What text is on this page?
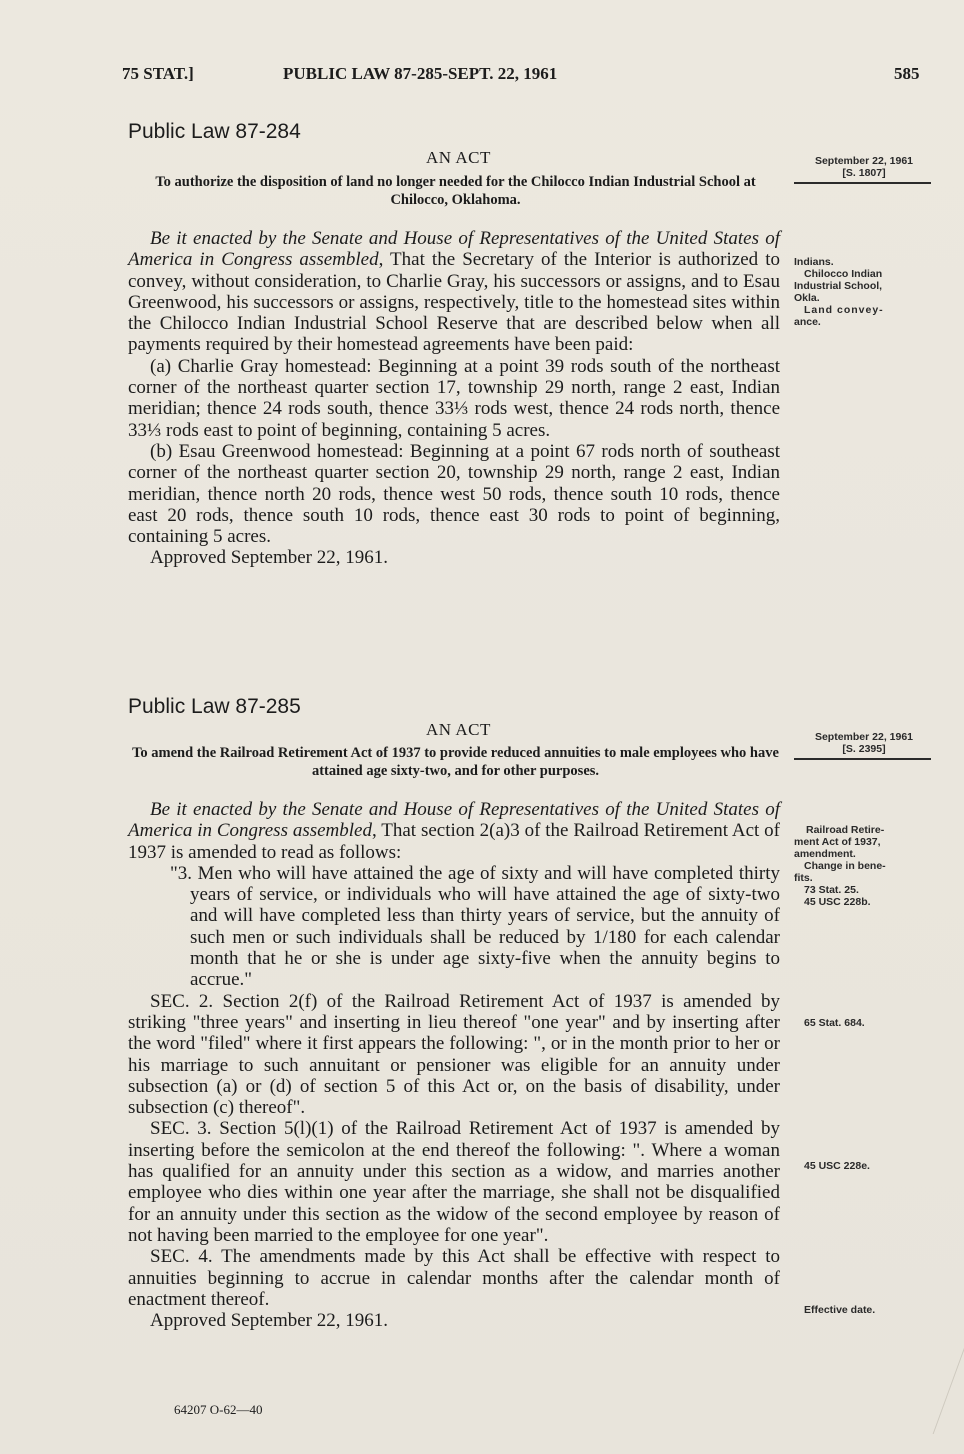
75 STAT.]	PUBLIC LAW 87-285-SEPT. 22, 1961	585
Public Law 87-284
AN ACT
To authorize the disposition of land no longer needed for the Chilocco Indian Industrial School at Chilocco, Oklahoma.
September 22, 1961
[S. 1807]

Be it enacted by the Senate and House of Representatives of the United States of America in Congress assembled, That the Secretary of the Interior is authorized to convey, without consideration, to Charlie Gray, his successors or assigns, and to Esau Greenwood, his successors or assigns, respectively, title to the homestead sites within the Chilocco Indian Industrial School Reserve that are described below when all payments required by their homestead agreements have been paid:

(a) Charlie Gray homestead: Beginning at a point 39 rods south of the northeast corner of the northeast quarter section 17, township 29 north, range 2 east, Indian meridian; thence 24 rods south, thence 33⅓ rods west, thence 24 rods north, thence 33⅓ rods east to point of beginning, containing 5 acres.

(b) Esau Greenwood homestead: Beginning at a point 67 rods north of southeast corner of the northeast quarter section 20, township 29 north, range 2 east, Indian meridian, thence north 20 rods, thence west 50 rods, thence south 10 rods, thence east 20 rods, thence south 10 rods, thence east 30 rods to point of beginning, containing 5 acres.

Approved September 22, 1961.

Indians.
Chilocco Indian
Industrial School,
Okla.
Land convey-
ance.
Public Law 87-285
AN ACT
To amend the Railroad Retirement Act of 1937 to provide reduced annuities to male employees who have attained age sixty-two, and for other purposes.
September 22, 1961
[S. 2395]

Be it enacted by the Senate and House of Representatives of the United States of America in Congress assembled, That section 2(a)3 of the Railroad Retirement Act of 1937 is amended to read as follows:

"3. Men who will have attained the age of sixty and will have completed thirty years of service, or individuals who will have attained the age of sixty-two and will have completed less than thirty years of service, but the annuity of such men or such individuals shall be reduced by 1/180 for each calendar month that he or she is under age sixty-five when the annuity begins to accrue."

SEC. 2. Section 2(f) of the Railroad Retirement Act of 1937 is amended by striking "three years" and inserting in lieu thereof "one year" and by inserting after the word "filed" where it first appears the following: ", or in the month prior to her or his marriage to such annuitant or pensioner was eligible for an annuity under subsection (a) or (d) of section 5 of this Act or, on the basis of disability, under subsection (c) thereof".

SEC. 3. Section 5(l)(1) of the Railroad Retirement Act of 1937 is amended by inserting before the semicolon at the end thereof the following: ". Where a woman has qualified for an annuity under this section as a widow, and marries another employee who dies within one year after the marriage, she shall not be disqualified for an annuity under this section as the widow of the second employee by reason of not having been married to the employee for one year".

SEC. 4. The amendments made by this Act shall be effective with respect to annuities beginning to accrue in calendar months after the calendar month of enactment thereof.

Approved September 22, 1961.

Railroad Retire-
ment Act of 1937,
amendment.
Change in bene-
fits.
73 Stat. 25.
45 USC 228b.
65 Stat. 684.
45 USC 228e.
Effective date.
64207 O-62—40
